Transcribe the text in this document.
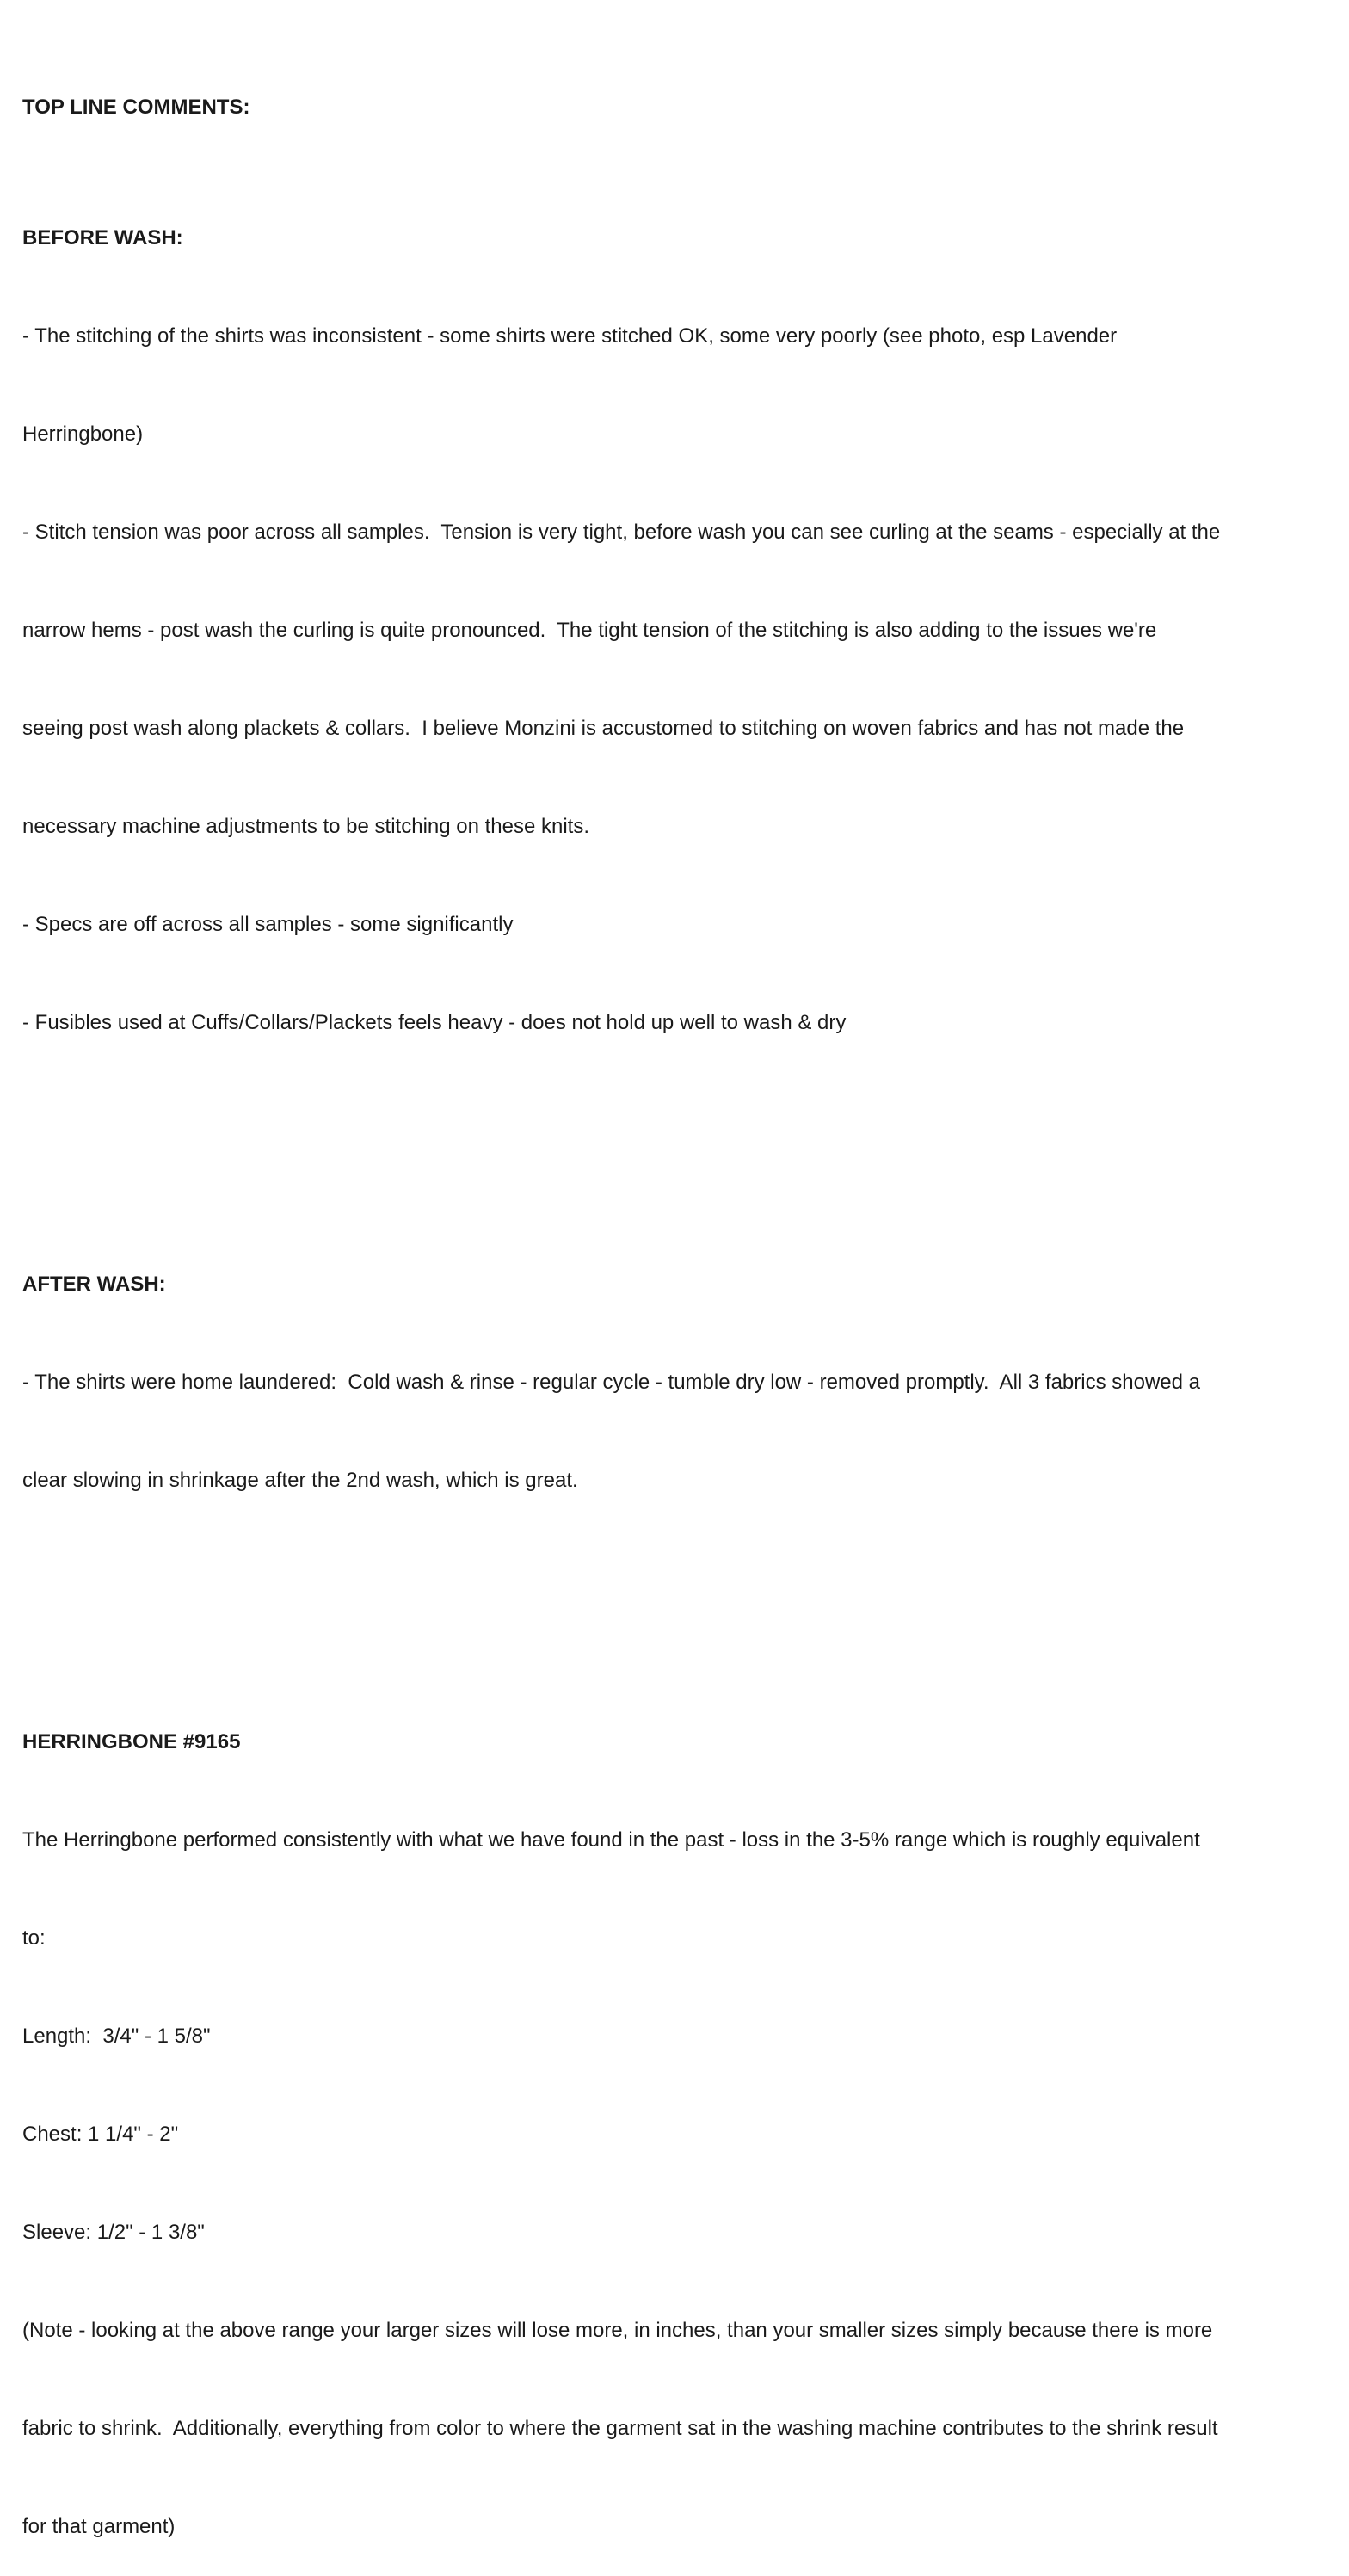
TOP LINE COMMENTS:

BEFORE WASH:

- The stitching of the shirts was inconsistent - some shirts were stitched OK, some very poorly (see photo, esp Lavender

Herringbone)

- Stitch tension was poor across all samples.  Tension is very tight, before wash you can see curling at the seams - especially at the

narrow hems - post wash the curling is quite pronounced.  The tight tension of the stitching is also adding to the issues we're

seeing post wash along plackets & collars.  I believe Monzini is accustomed to stitching on woven fabrics and has not made the

necessary machine adjustments to be stitching on these knits.

- Specs are off across all samples - some significantly

- Fusibles used at Cuffs/Collars/Plackets feels heavy - does not hold up well to wash & dry

AFTER WASH:

- The shirts were home laundered:  Cold wash & rinse - regular cycle - tumble dry low - removed promptly.  All 3 fabrics showed a

clear slowing in shrinkage after the 2nd wash, which is great.

HERRINGBONE #9165

The Herringbone performed consistently with what we have found in the past - loss in the 3-5% range which is roughly equivalent

to:

Length:  3/4" - 1 5/8"

Chest: 1 1/4" - 2"

Sleeve: 1/2" - 1 3/8"

(Note - looking at the above range your larger sizes will lose more, in inches, than your smaller sizes simply because there is more

fabric to shrink.  Additionally, everything from color to where the garment sat in the washing machine contributes to the shrink result

for that garment)
